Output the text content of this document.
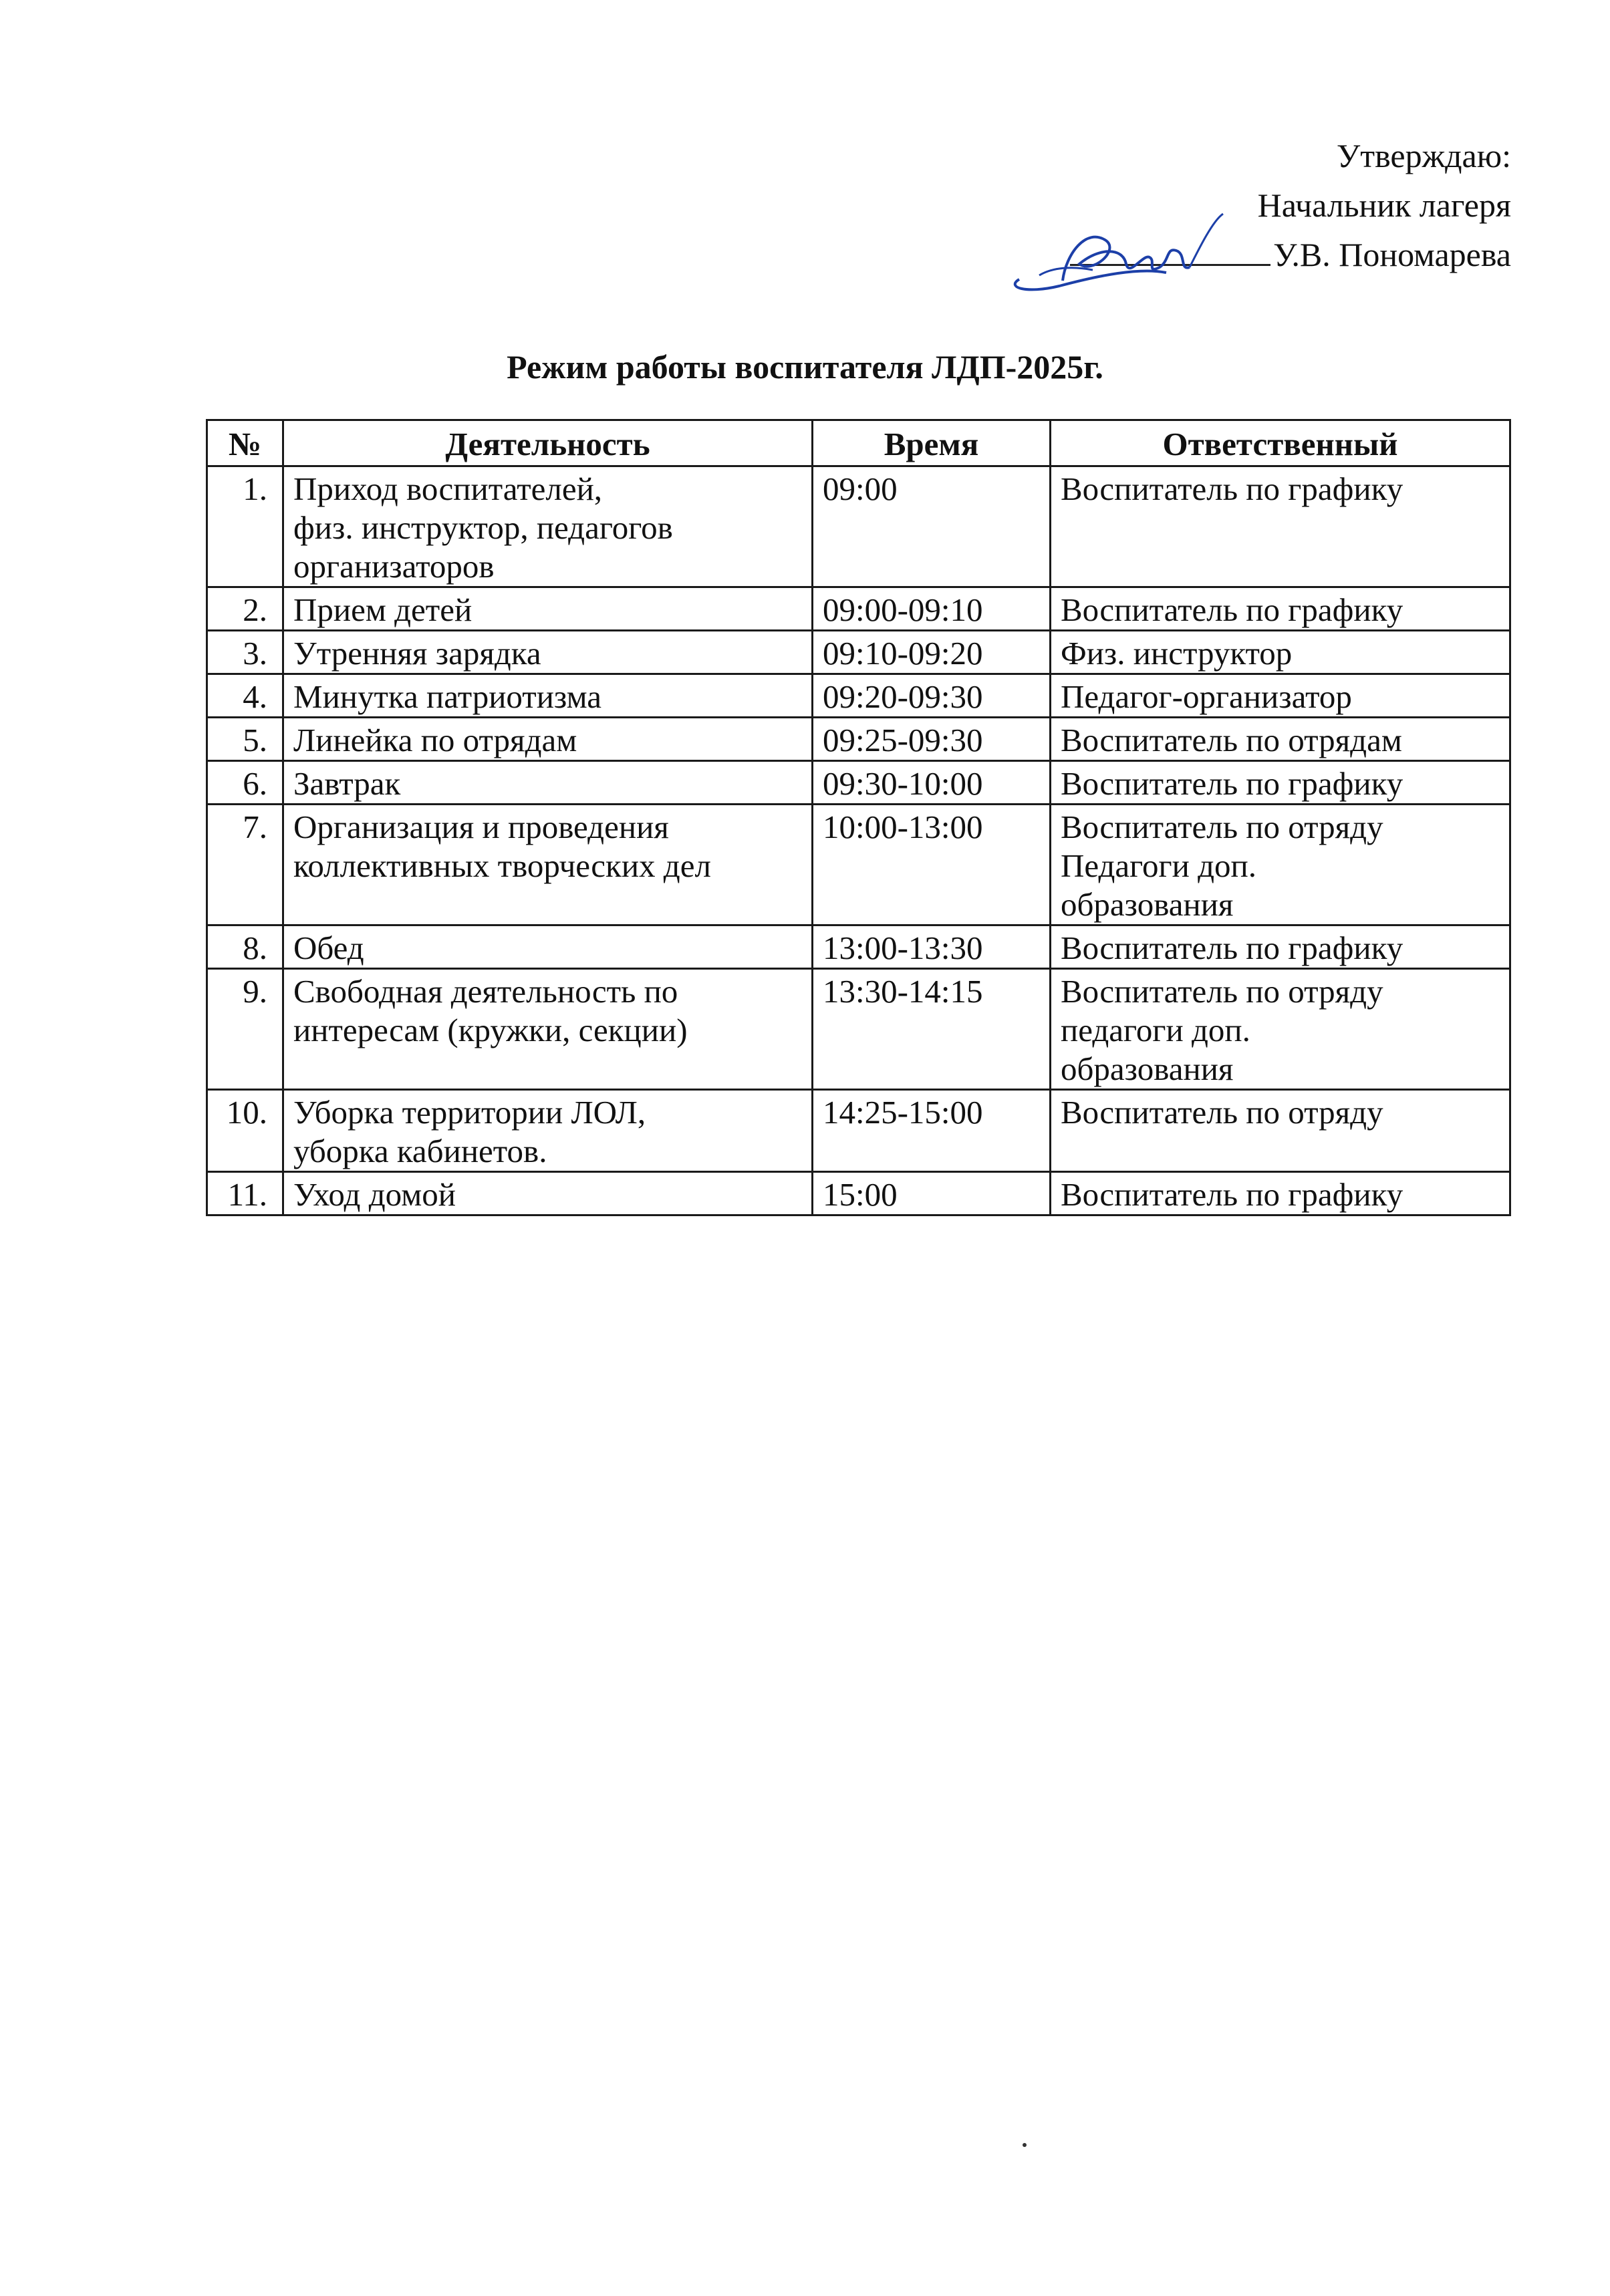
Утверждаю:
Начальник лагеря
У.В. Пономарева
Режим работы воспитателя ЛДП-2025г.
№	Деятельность	Время	Ответственный
1.	Приход воспитателей,
физ. инструктор, педагогов
организаторов	09:00	Воспитатель по графику

2.	Прием детей	09:00-09:10	Воспитатель по графику

3.	Утренняя зарядка	09:10-09:20	Физ. инструктор

4.	Минутка патриотизма	09:20-09:30	Педагог-организатор

5.	Линейка по отрядам	09:25-09:30	Воспитатель по отрядам

6.	Завтрак	09:30-10:00	Воспитатель по графику

7.	Организация и проведения
коллективных творческих дел	10:00-13:00	Воспитатель по отряду
Педагоги доп.
образования

8.	Обед	13:00-13:30	Воспитатель по графику

9.	Свободная деятельность по
интересам (кружки, секции)	13:30-14:15	Воспитатель по отряду
педагоги доп.
образования

10.	Уборка территории ЛОЛ,
уборка кабинетов.	14:25-15:00	Воспитатель по отряду

11.	Уход домой	15:00	Воспитатель по графику
